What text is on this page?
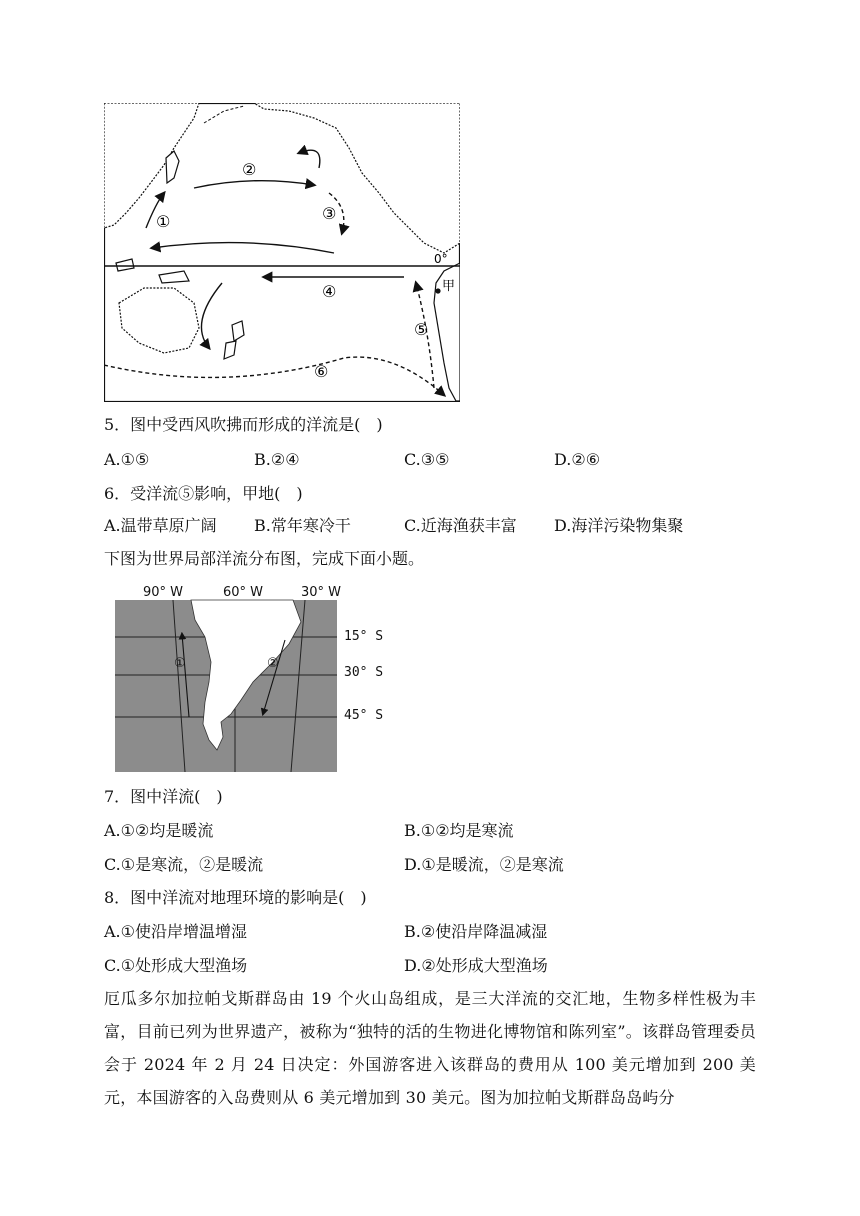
②
①	③
④
⑤
⑥
0°
甲
5．图中受西风吹拂而形成的洋流是(　)
A.①⑤	B.②④	C.③⑤	D.②⑥
6．受洋流⑤影响，甲地(　)
A.温带草原广阔 B.常年寒冷干	C.近海渔获丰富 D.海洋污染物集聚
下图为世界局部洋流分布图，完成下面小题。
90° W	60° W	30° W
①	②
15° S
30° S
45° S
7．图中洋流(　)
A.①②均是暖流	B.①②均是寒流
C.①是寒流，②是暖流	D.①是暖流，②是寒流
8．图中洋流对地理环境的影响是(　)
A.①使沿岸增温增湿	B.②使沿岸降温减湿
C.①处形成大型渔场	D.②处形成大型渔场
厄瓜多尔加拉帕戈斯群岛由 19 个火山岛组成，是三大洋流的交汇地，生物多样性极为丰富，目前已列为世界遗产，被称为“独特的活的生物进化博物馆和陈列室”。该群岛管理委员会于 2024 年 2 月 24 日决定：外国游客进入该群岛的费用从 100 美元增加到 200 美元，本国游客的入岛费则从 6 美元增加到 30 美元。图为加拉帕戈斯群岛岛屿分
